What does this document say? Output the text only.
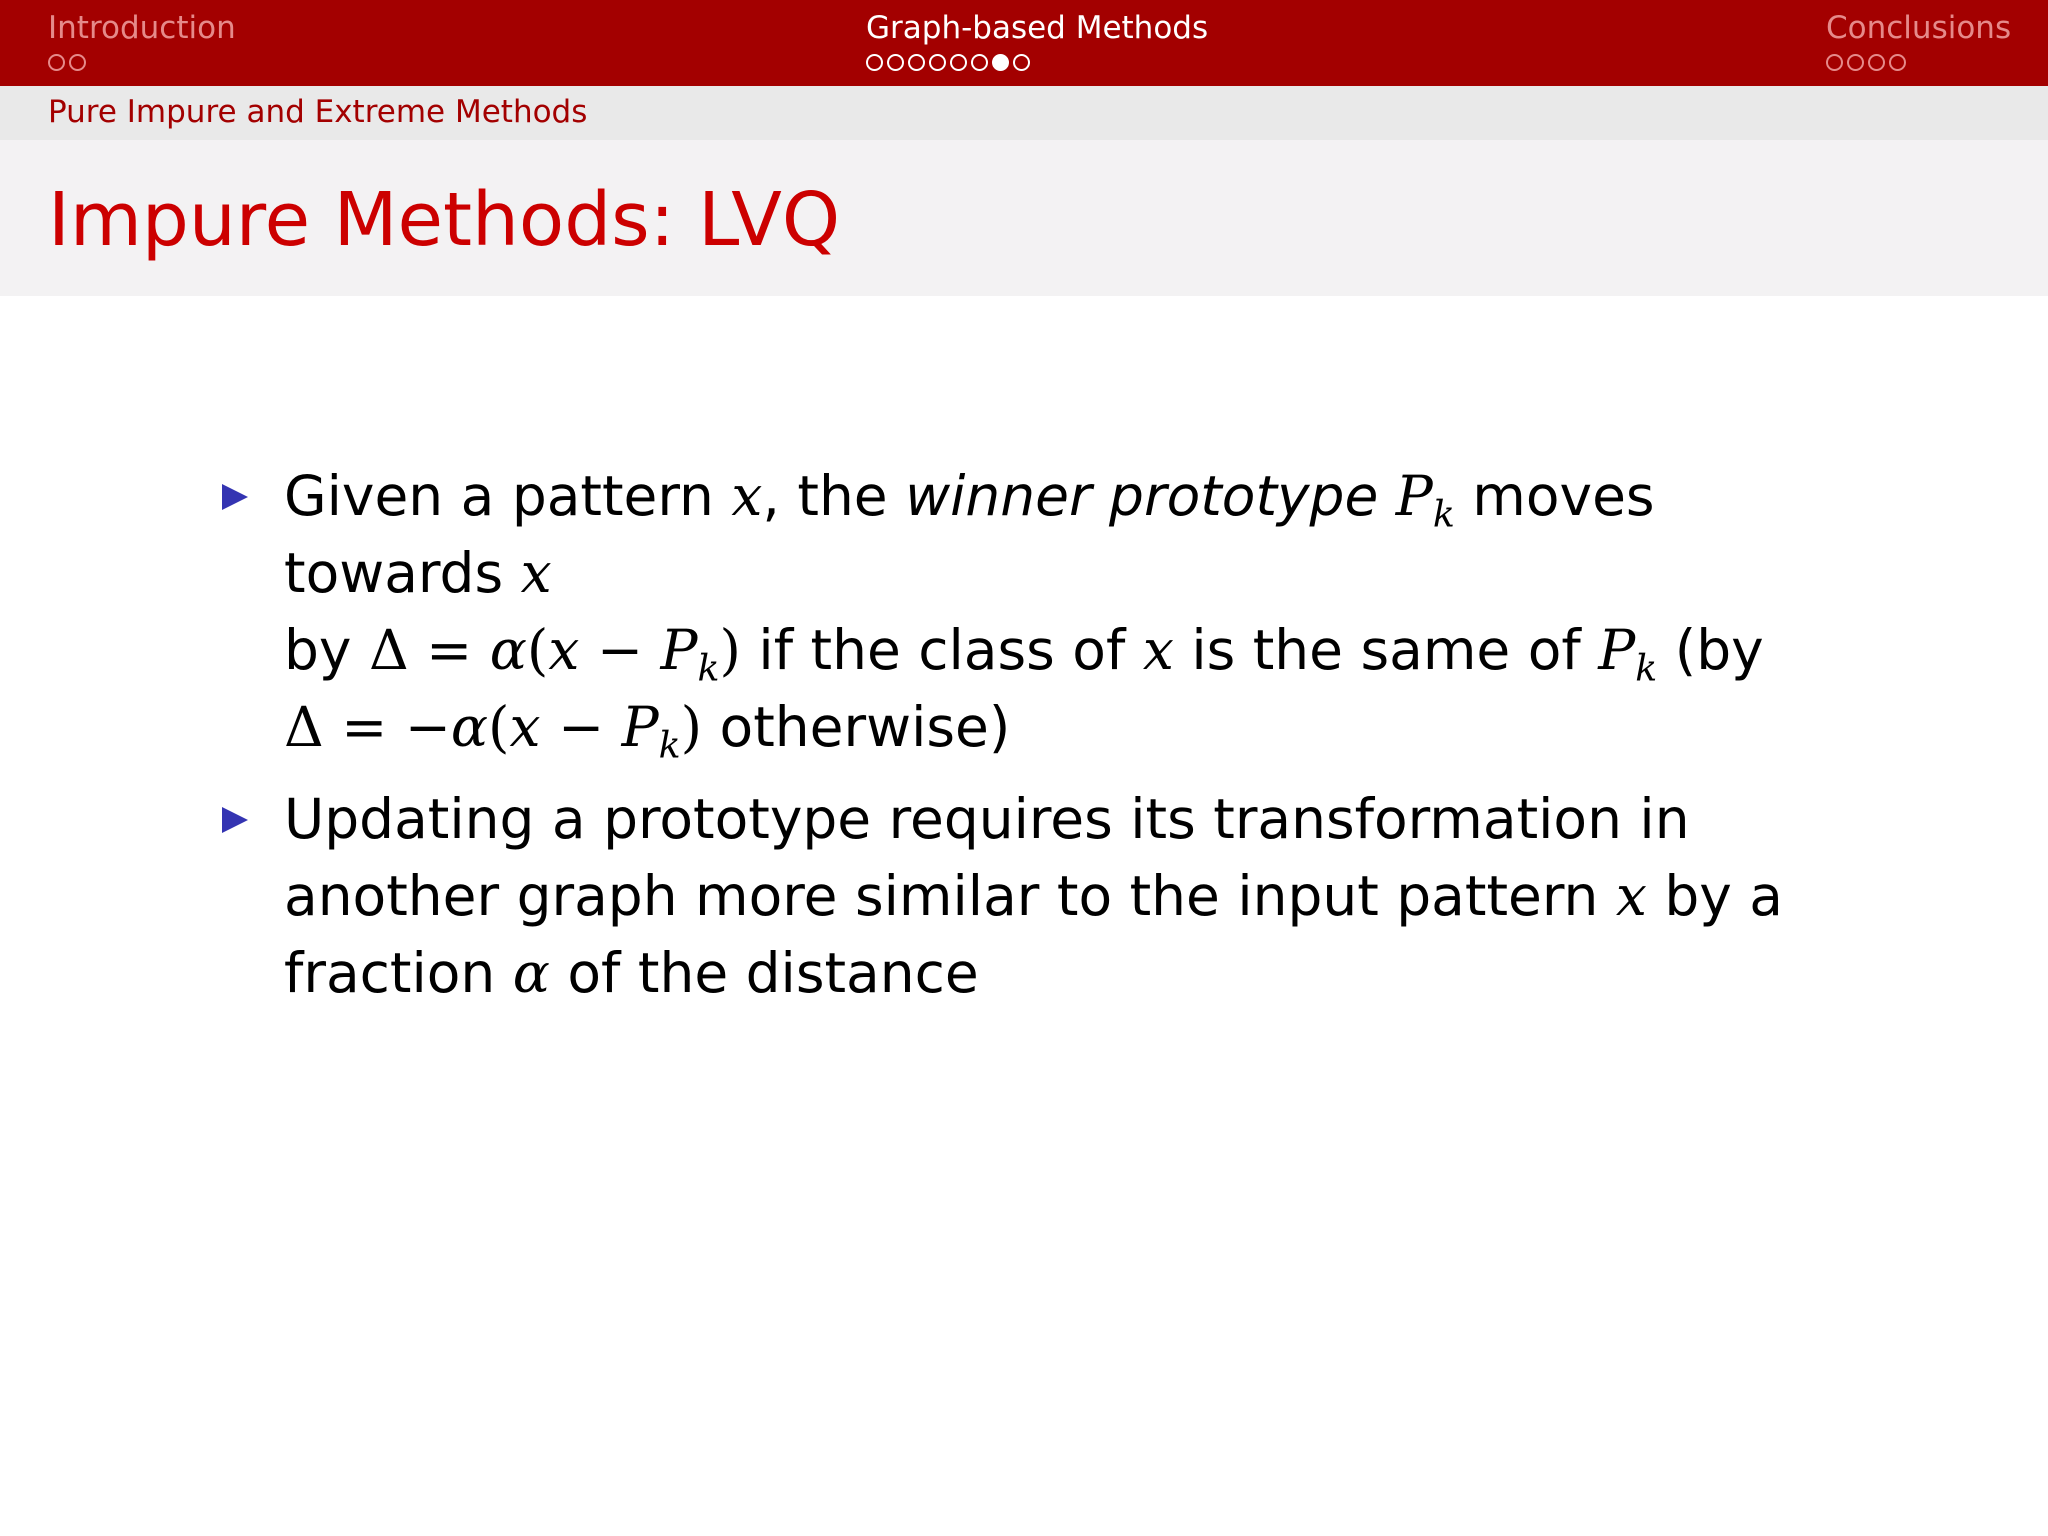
Introduction	Graph-based Methods	Conclusions
Pure Impure and Extreme Methods
Impure Methods: LVQ
Given a pattern x, the winner prototype $P_k$ moves towards x
by $\Delta = \alpha(x - P_k)$ if the class of x is the same of $P_k$ (by
$\Delta = -\alpha(x - P_k)$ otherwise)
Updating a prototype requires its transformation in another graph more similar to the input pattern x by a fraction α of the distance
